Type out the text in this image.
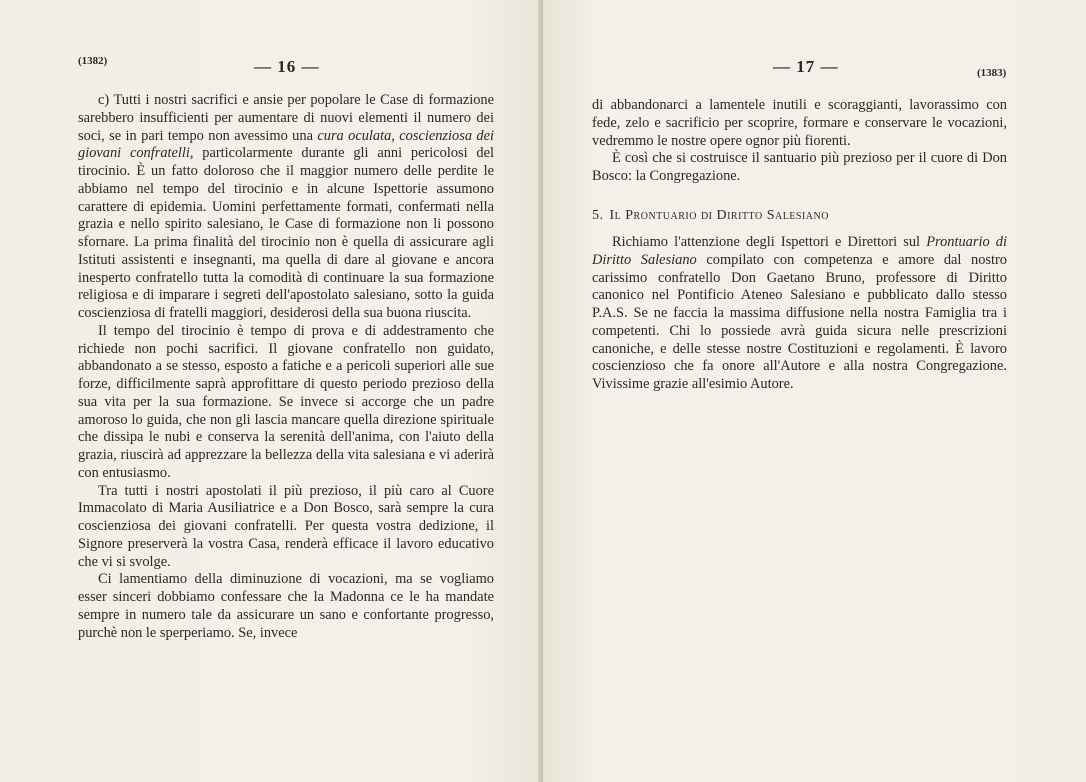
(1382)	— 16 —

c) Tutti i nostri sacrifici e ansie per popolare le Case di formazione sarebbero insufficienti per aumentare di nuovi elementi il numero dei soci, se in pari tempo non avessimo una cura oculata, coscienziosa dei giovani confratelli, particolarmente durante gli anni pericolosi del tirocinio. È un fatto doloroso che il maggior numero delle perdite le abbiamo nel tempo del tirocinio e in alcune Ispettorie assumono carattere di epidemia. Uomini perfettamente formati, confermati nella grazia e nello spirito salesiano, le Case di formazione non li possono sfornare. La prima finalità del tirocinio non è quella di assicurare agli Istituti assistenti e insegnanti, ma quella di dare al giovane e ancora inesperto confratello tutta la comodità di continuare la sua formazione religiosa e di imparare i segreti dell'apostolato salesiano, sotto la guida coscienziosa di fratelli maggiori, desiderosi della sua buona riuscita.

Il tempo del tirocinio è tempo di prova e di addestramento che richiede non pochi sacrifici. Il giovane confratello non guidato, abbandonato a se stesso, esposto a fatiche e a pericoli superiori alle sue forze, difficilmente saprà approfittare di questo periodo prezioso della sua vita per la sua formazione. Se invece si accorge che un padre amoroso lo guida, che non gli lascia mancare quella direzione spirituale che dissipa le nubi e conserva la serenità dell'anima, con l'aiuto della grazia, riuscirà ad apprezzare la bellezza della vita salesiana e vi aderirà con entusiasmo.

Tra tutti i nostri apostolati il più prezioso, il più caro al Cuore Immacolato di Maria Ausiliatrice e a Don Bosco, sarà sempre la cura coscienziosa dei giovani confratelli. Per questa vostra dedizione, il Signore preserverà la vostra Casa, renderà efficace il lavoro educativo che vi si svolge.

Ci lamentiamo della diminuzione di vocazioni, ma se vogliamo esser sinceri dobbiamo confessare che la Madonna ce le ha mandate sempre in numero tale da assicurare un sano e confortante progresso, purchè non le sperperiamo. Se, invece

— 17 —	(1383)

di abbandonarci a lamentele inutili e scoraggianti, lavorassimo con fede, zelo e sacrificio per scoprire, formare e conservare le vocazioni, vedremmo le nostre opere ognor più fiorenti.

È così che si costruisce il santuario più prezioso per il cuore di Don Bosco: la Congregazione.

5. Il Prontuario di Diritto Salesiano

Richiamo l'attenzione degli Ispettori e Direttori sul Prontuario di Diritto Salesiano compilato con competenza e amore dal nostro carissimo confratello Don Gaetano Bruno, professore di Diritto canonico nel Pontificio Ateneo Salesiano e pubblicato dallo stesso P.A.S. Se ne faccia la massima diffusione nella nostra Famiglia tra i competenti. Chi lo possiede avrà guida sicura nelle prescrizioni canoniche, e delle stesse nostre Costituzioni e regolamenti. È lavoro coscienzioso che fa onore all'Autore e alla nostra Congregazione. Vivissime grazie all'esimio Autore.
